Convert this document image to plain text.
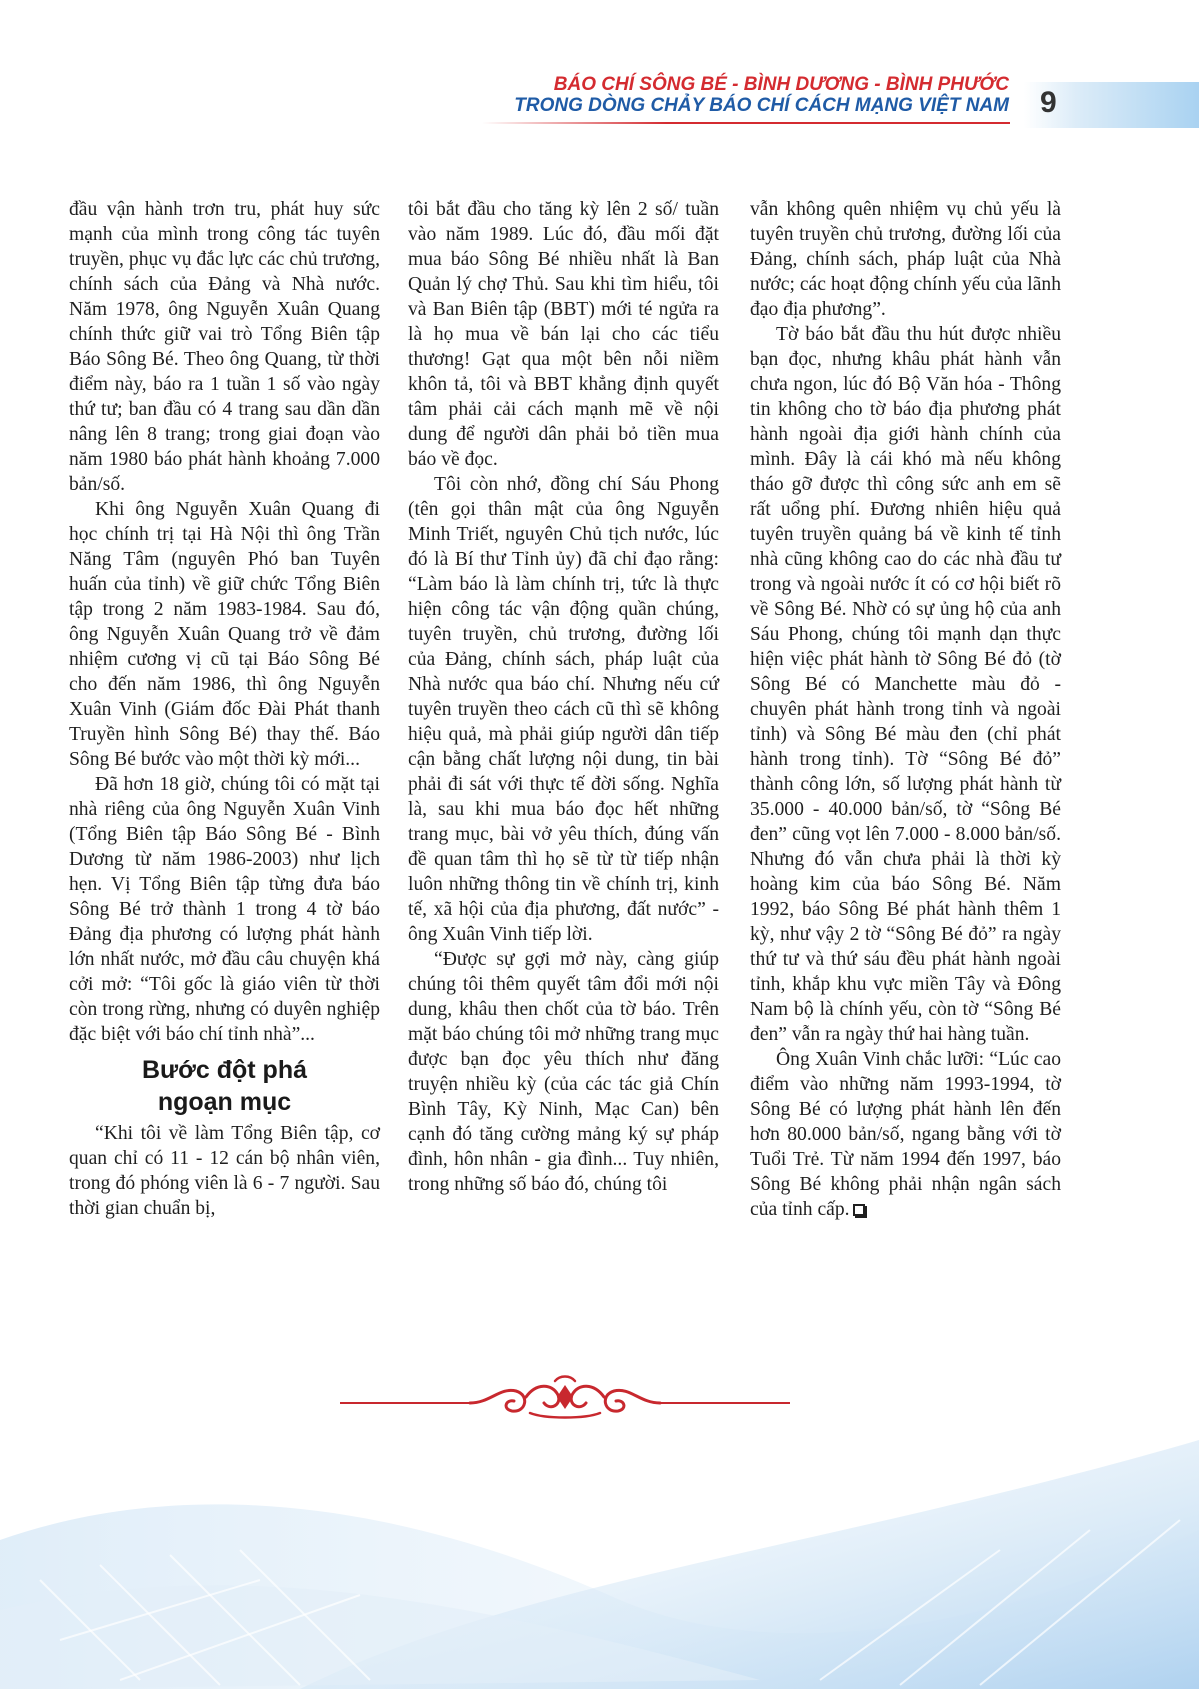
BÁO CHÍ SÔNG BÉ - BÌNH DƯƠNG - BÌNH PHƯỚC
TRONG DÒNG CHẢY BÁO CHÍ CÁCH MẠNG VIỆT NAM 9

đầu vận hành trơn tru, phát huy sức mạnh của mình trong công tác tuyên truyền, phục vụ đắc lực các chủ trương, chính sách của Đảng và Nhà nước. Năm 1978, ông Nguyễn Xuân Quang chính thức giữ vai trò Tổng Biên tập Báo Sông Bé. Theo ông Quang, từ thời điểm này, báo ra 1 tuần 1 số vào ngày thứ tư; ban đầu có 4 trang sau dần dần nâng lên 8 trang; trong giai đoạn vào năm 1980 báo phát hành khoảng 7.000 bản/số.

Khi ông Nguyễn Xuân Quang đi học chính trị tại Hà Nội thì ông Trần Năng Tâm (nguyên Phó ban Tuyên huấn của tỉnh) về giữ chức Tổng Biên tập trong 2 năm 1983-1984. Sau đó, ông Nguyễn Xuân Quang trở về đảm nhiệm cương vị cũ tại Báo Sông Bé cho đến năm 1986, thì ông Nguyễn Xuân Vinh (Giám đốc Đài Phát thanh Truyền hình Sông Bé) thay thế. Báo Sông Bé bước vào một thời kỳ mới...

Đã hơn 18 giờ, chúng tôi có mặt tại nhà riêng của ông Nguyễn Xuân Vinh (Tổng Biên tập Báo Sông Bé - Bình Dương từ năm 1986-2003) như lịch hẹn. Vị Tổng Biên tập từng đưa báo Sông Bé trở thành 1 trong 4 tờ báo Đảng địa phương có lượng phát hành lớn nhất nước, mở đầu câu chuyện khá cởi mở: “Tôi gốc là giáo viên từ thời còn trong rừng, nhưng có duyên nghiệp đặc biệt với báo chí tỉnh nhà”...

Bước đột phá
ngoạn mục

“Khi tôi về làm Tổng Biên tập, cơ quan chỉ có 11 - 12 cán bộ nhân viên, trong đó phóng viên là 6 - 7 người. Sau thời gian chuẩn bị,

tôi bắt đầu cho tăng kỳ lên 2 số/ tuần vào năm 1989. Lúc đó, đầu mối đặt mua báo Sông Bé nhiều nhất là Ban Quản lý chợ Thủ. Sau khi tìm hiểu, tôi và Ban Biên tập (BBT) mới té ngửa ra là họ mua về bán lại cho các tiểu thương! Gạt qua một bên nỗi niềm khôn tả, tôi và BBT khẳng định quyết tâm phải cải cách mạnh mẽ về nội dung để người dân phải bỏ tiền mua báo về đọc.

Tôi còn nhớ, đồng chí Sáu Phong (tên gọi thân mật của ông Nguyễn Minh Triết, nguyên Chủ tịch nước, lúc đó là Bí thư Tỉnh ủy) đã chỉ đạo rằng: “Làm báo là làm chính trị, tức là thực hiện công tác vận động quần chúng, tuyên truyền, chủ trương, đường lối của Đảng, chính sách, pháp luật của Nhà nước qua báo chí. Nhưng nếu cứ tuyên truyền theo cách cũ thì sẽ không hiệu quả, mà phải giúp người dân tiếp cận bằng chất lượng nội dung, tin bài phải đi sát với thực tế đời sống. Nghĩa là, sau khi mua báo đọc hết những trang mục, bài vở yêu thích, đúng vấn đề quan tâm thì họ sẽ từ từ tiếp nhận luôn những thông tin về chính trị, kinh tế, xã hội của địa phương, đất nước” - ông Xuân Vinh tiếp lời.

“Được sự gợi mở này, càng giúp chúng tôi thêm quyết tâm đổi mới nội dung, khâu then chốt của tờ báo. Trên mặt báo chúng tôi mở những trang mục được bạn đọc yêu thích như đăng truyện nhiều kỳ (của các tác giả Chín Bình Tây, Kỳ Ninh, Mạc Can) bên cạnh đó tăng cường mảng ký sự pháp đình, hôn nhân - gia đình... Tuy nhiên, trong những số báo đó, chúng tôi

vẫn không quên nhiệm vụ chủ yếu là tuyên truyền chủ trương, đường lối của Đảng, chính sách, pháp luật của Nhà nước; các hoạt động chính yếu của lãnh đạo địa phương”.

Tờ báo bắt đầu thu hút được nhiều bạn đọc, nhưng khâu phát hành vẫn chưa ngon, lúc đó Bộ Văn hóa - Thông tin không cho tờ báo địa phương phát hành ngoài địa giới hành chính của mình. Đây là cái khó mà nếu không tháo gỡ được thì công sức anh em sẽ rất uổng phí. Đương nhiên hiệu quả tuyên truyền quảng bá về kinh tế tỉnh nhà cũng không cao do các nhà đầu tư trong và ngoài nước ít có cơ hội biết rõ về Sông Bé. Nhờ có sự ủng hộ của anh Sáu Phong, chúng tôi mạnh dạn thực hiện việc phát hành tờ Sông Bé đỏ (tờ Sông Bé có Manchette màu đỏ - chuyên phát hành trong tỉnh và ngoài tỉnh) và Sông Bé màu đen (chỉ phát hành trong tỉnh). Tờ “Sông Bé đỏ” thành công lớn, số lượng phát hành từ 35.000 - 40.000 bản/số, tờ “Sông Bé đen” cũng vọt lên 7.000 - 8.000 bản/số. Nhưng đó vẫn chưa phải là thời kỳ hoàng kim của báo Sông Bé. Năm 1992, báo Sông Bé phát hành thêm 1 kỳ, như vậy 2 tờ “Sông Bé đỏ” ra ngày thứ tư và thứ sáu đều phát hành ngoài tỉnh, khắp khu vực miền Tây và Đông Nam bộ là chính yếu, còn tờ “Sông Bé đen” vẫn ra ngày thứ hai hàng tuần.

Ông Xuân Vinh chắc lưỡi: “Lúc cao điểm vào những năm 1993-1994, tờ Sông Bé có lượng phát hành lên đến hơn 80.000 bản/số, ngang bằng với tờ Tuổi Trẻ. Từ năm 1994 đến 1997, báo Sông Bé không phải nhận ngân sách của tỉnh cấp.
